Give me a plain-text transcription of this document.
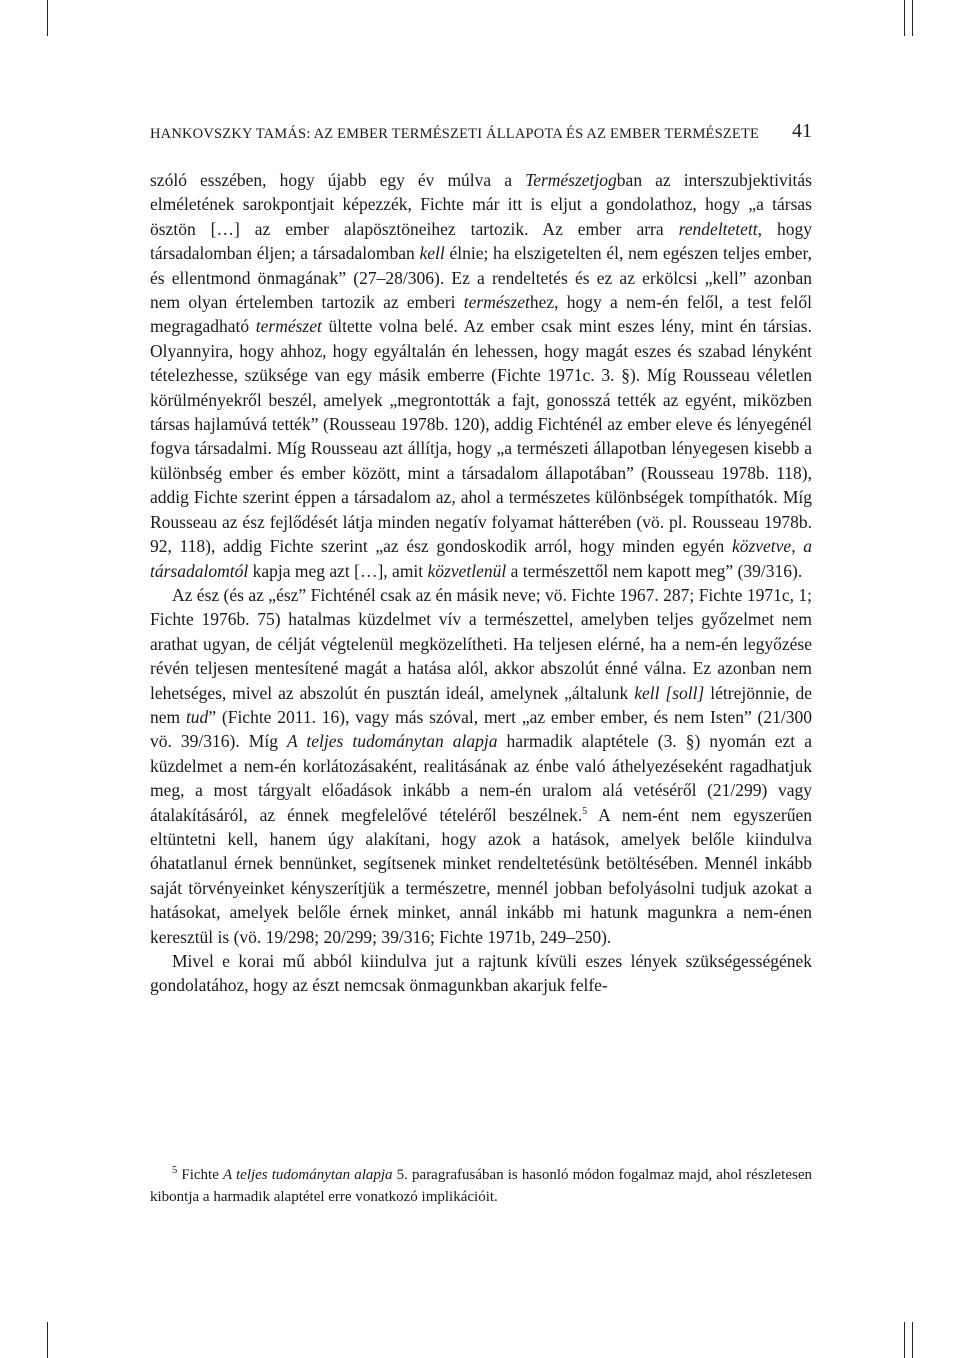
HANKOVSZKY TAMÁS: AZ EMBER TERMÉSZETI ÁLLAPOTA ÉS AZ EMBER TERMÉSZETE 41

szóló esszében, hogy újabb egy év múlva a Természetjogban az interszubjektivitás elméletének sarokpontjait képezzék, Fichte már itt is eljut a gondolathoz, hogy „a társas ösztön […] az ember alapösztöneihez tartozik. Az ember arra rendeltetett, hogy társadalomban éljen; a társadalomban kell élnie; ha elszigetelten él, nem egészen teljes ember, és ellentmond önmagának” (27–28/306). Ez a rendeltetés és ez az erkölcsi „kell” azonban nem olyan értelemben tartozik az emberi természethez, hogy a nem-én felől, a test felől megragadható természet ültette volna belé. Az ember csak mint eszes lény, mint én társias. Olyannyira, hogy ahhoz, hogy egyáltalán én lehessen, hogy magát eszes és szabad lényként tételezhesse, szüksége van egy másik emberre (Fichte 1971c. 3. §). Míg Rousseau véletlen körülményekről beszél, amelyek „megrontották a fajt, gonosszá tették az egyént, miközben társas hajlamúvá tették” (Rousseau 1978b. 120), addig Fichténél az ember eleve és lényegénél fogva társadalmi. Míg Rousseau azt állítja, hogy „a természeti állapotban lényegesen kisebb a különbség ember és ember között, mint a társadalom állapotában” (Rousseau 1978b. 118), addig Fichte szerint éppen a társadalom az, ahol a természetes különbségek tompíthatók. Míg Rousseau az ész fejlődését látja minden negatív folyamat hátterében (vö. pl. Rousseau 1978b. 92, 118), addig Fichte szerint „az ész gondoskodik arról, hogy minden egyén közvetve, a társadalomtól kapja meg azt […], amit közvetlenül a természettől nem kapott meg” (39/316).

Az ész (és az „ész” Fichténél csak az én másik neve; vö. Fichte 1967. 287; Fichte 1971c, 1; Fichte 1976b. 75) hatalmas küzdelmet vív a természettel, amelyben teljes győzelmet nem arathat ugyan, de célját végtelenül megközelítheti. Ha teljesen elérné, ha a nem-én legyőzése révén teljesen mentesítené magát a hatása alól, akkor abszolút énné válna. Ez azonban nem lehetséges, mivel az abszolút én pusztán ideál, amelynek „általunk kell [soll] létrejönnie, de nem tud” (Fichte 2011. 16), vagy más szóval, mert „az ember ember, és nem Isten” (21/300 vö. 39/316). Míg A teljes tudománytan alapja harmadik alaptétele (3. §) nyomán ezt a küzdelmet a nem-én korlátozásaként, realitásának az énbe való áthelyezéseként ragadhatjuk meg, a most tárgyalt előadások inkább a nem-én uralom alá vetéséről (21/299) vagy átalakításáról, az énnek megfelelővé tételéről beszélnek.$^5$ A nem-ént nem egyszerűen eltüntetni kell, hanem úgy alakítani, hogy azok a hatások, amelyek belőle kiindulva óhatatlanul érnek bennünket, segítsenek minket rendeltetésünk betöltésében. Mennél inkább saját törvényeinket kényszerítjük a természetre, mennél jobban befolyásolni tudjuk azokat a hatásokat, amelyek belőle érnek minket, annál inkább mi hatunk magunkra a nem-énen keresztül is (vö. 19/298; 20/299; 39/316; Fichte 1971b, 249–250).

Mivel e korai mű abból kiindulva jut a rajtunk kívüli eszes lények szükségességének gondolatához, hogy az észt nemcsak önmagunkban akarjuk felfe-

$^5$ Fichte A teljes tudománytan alapja 5. paragrafusában is hasonló módon fogalmaz majd, ahol részletesen kibontja a harmadik alaptétel erre vonatkozó implikációit.
